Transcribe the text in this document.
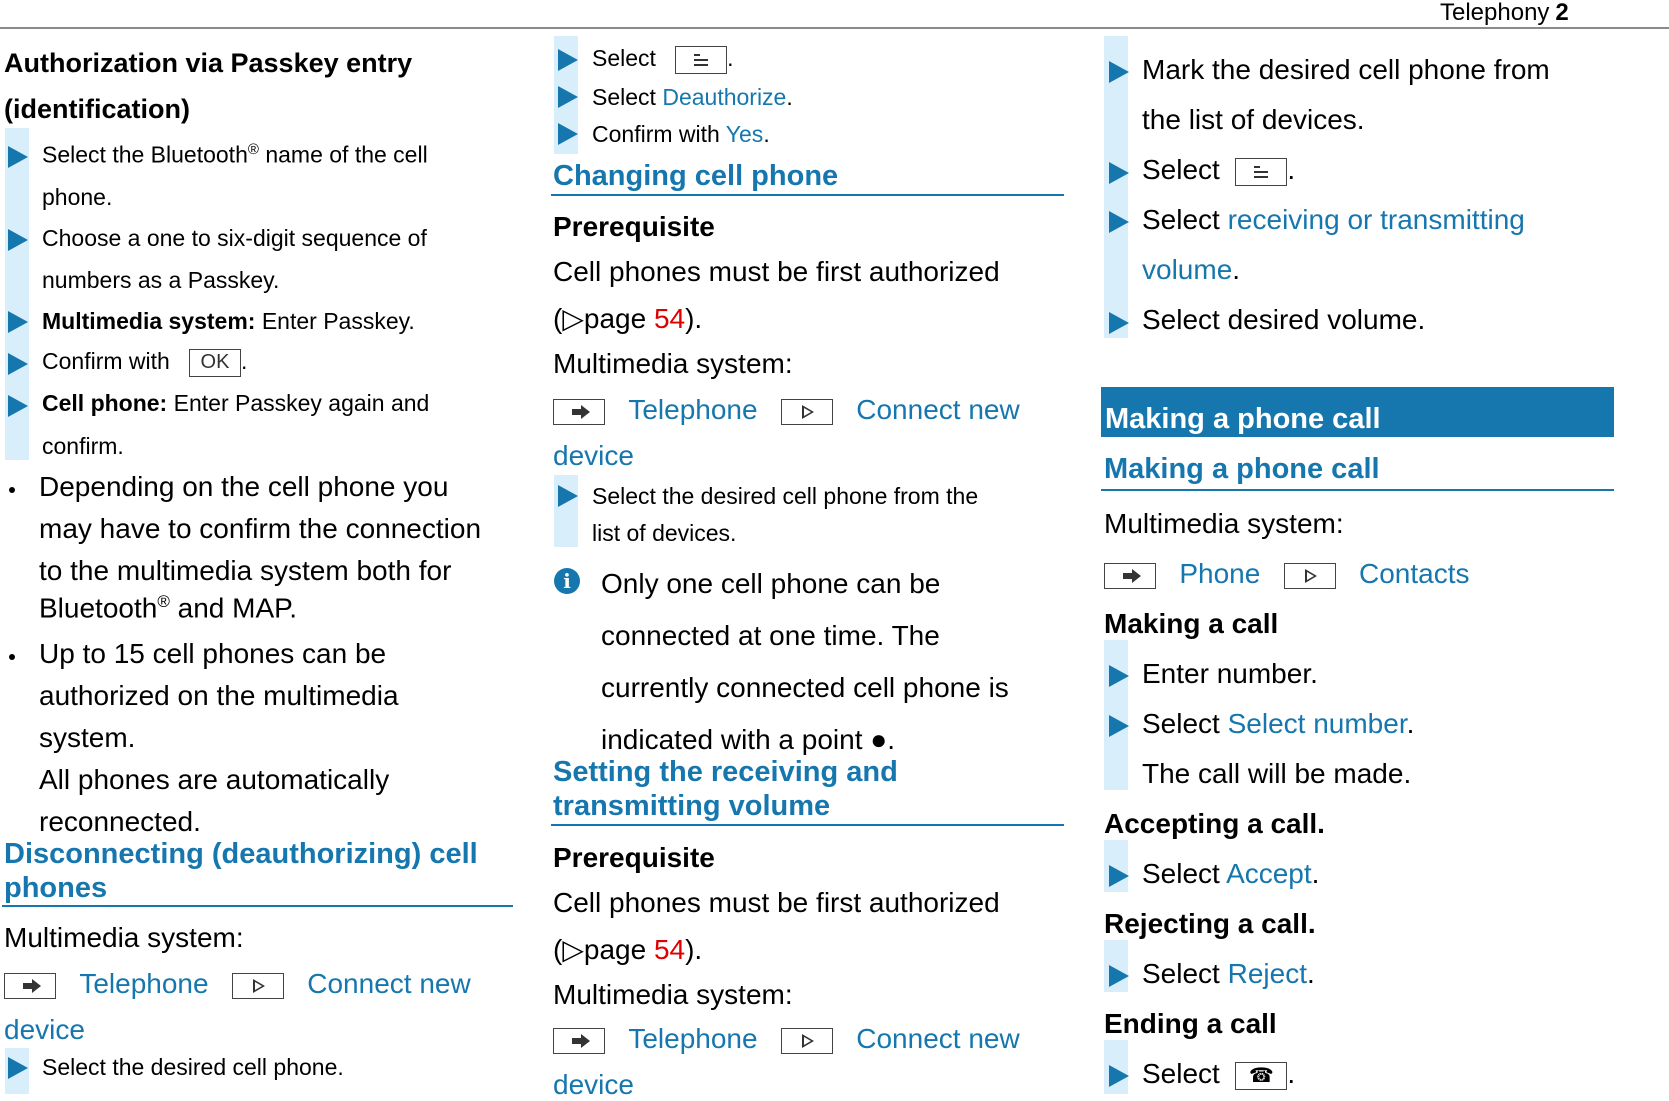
Telephony 2
Authorization via Passkey entry
(identification)
Select the Bluetooth® name of the cell
phone.
Choose a one to six-digit sequence of
numbers as a Passkey.
Multimedia system: Enter Passkey.
Confirm with OK .
Cell phone: Enter Passkey again and
confirm.
Depending on the cell phone you
may have to confirm the connection
to the multimedia system both for
Bluetooth® and MAP.
Up to 15 cell phones can be
authorized on the multimedia
system.
All phones are automatically
reconnected.
Disconnecting (deauthorizing) cell
phones
Multimedia system:
Telephone	Connect new
device
Select the desired cell phone.
Select	.
Select Deauthorize.
Confirm with Yes.
Changing cell phone
Prerequisite
Cell phones must be first authorized
(▷page 54).
Multimedia system:
Telephone	Connect new
device
Select the desired cell phone from the
list of devices.
i	Only one cell phone can be
connected at one time. The
currently connected cell phone is
indicated with a point ●.
Setting the receiving and
transmitting volume
Prerequisite
Cell phones must be first authorized
(▷page 54).
Multimedia system:
Telephone	Connect new
device
Mark the desired cell phone from
the list of devices.
Select .
Select receiving or transmitting
volume.
Select desired volume.
Making a phone call
Making a phone call
Multimedia system:
Phone	Contacts
Making a call
Enter number.
Select Select number.
The call will be made.
Accepting a call.
Select Accept.
Rejecting a call.
Select Reject.
Ending a call
Select ☎ .
